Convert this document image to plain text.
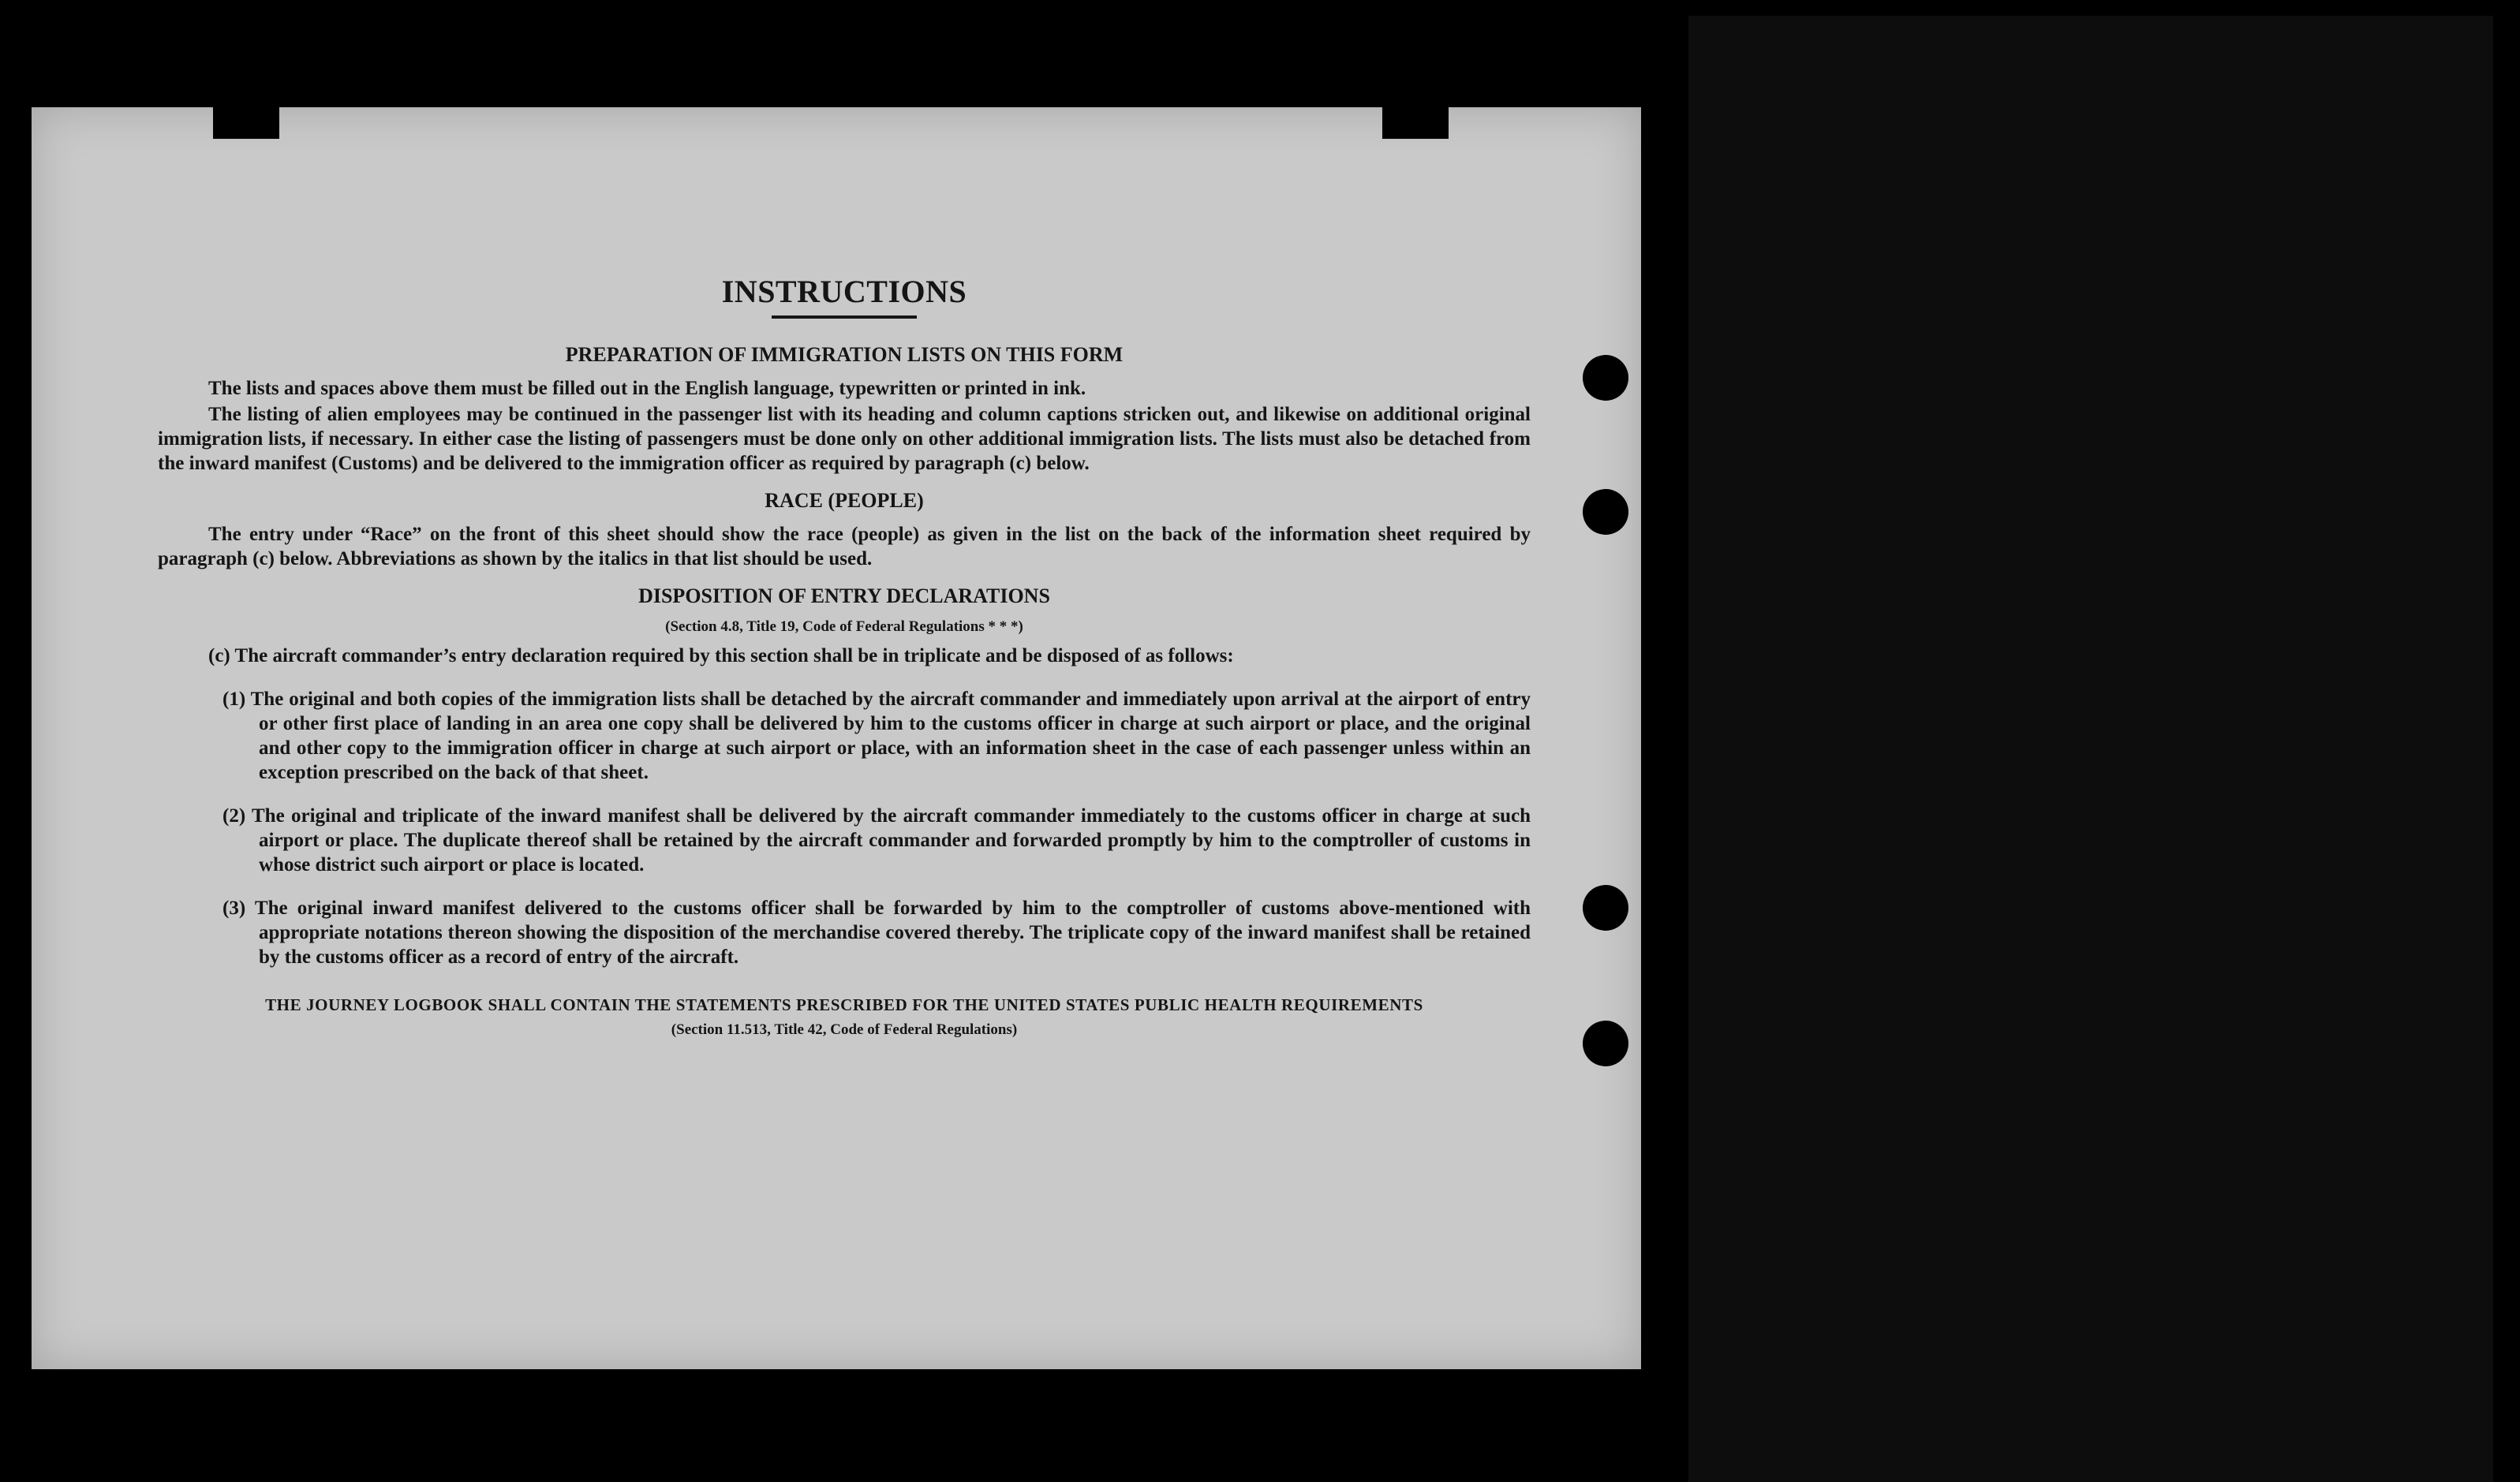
INSTRUCTIONS
PREPARATION OF IMMIGRATION LISTS ON THIS FORM

The lists and spaces above them must be filled out in the English language, typewritten or printed in ink.

The listing of alien employees may be continued in the passenger list with its heading and column captions stricken out, and likewise on additional original immigration lists, if necessary. In either case the listing of passengers must be done only on other additional immigration lists. The lists must also be detached from the inward manifest (Customs) and be delivered to the immigration officer as required by paragraph (c) below.

RACE (PEOPLE)

The entry under “Race” on the front of this sheet should show the race (people) as given in the list on the back of the information sheet required by paragraph (c) below. Abbreviations as shown by the italics in that list should be used.

DISPOSITION OF ENTRY DECLARATIONS
(Section 4.8, Title 19, Code of Federal Regulations * * *)

(c) The aircraft commander’s entry declaration required by this section shall be in triplicate and be disposed of as follows:

(1) The original and both copies of the immigration lists shall be detached by the aircraft commander and immediately upon arrival at the airport of entry or other first place of landing in an area one copy shall be delivered by him to the customs officer in charge at such airport or place, and the original and other copy to the immigration officer in charge at such airport or place, with an information sheet in the case of each passenger unless within an exception prescribed on the back of that sheet.

(2) The original and triplicate of the inward manifest shall be delivered by the aircraft commander immediately to the customs officer in charge at such airport or place. The duplicate thereof shall be retained by the aircraft commander and forwarded promptly by him to the comptroller of customs in whose district such airport or place is located.

(3) The original inward manifest delivered to the customs officer shall be forwarded by him to the comptroller of customs above-mentioned with appropriate notations thereon showing the disposition of the merchandise covered thereby. The triplicate copy of the inward manifest shall be retained by the customs officer as a record of entry of the aircraft.

THE JOURNEY LOGBOOK SHALL CONTAIN THE STATEMENTS PRESCRIBED FOR THE UNITED STATES PUBLIC HEALTH REQUIREMENTS
(Section 11.513, Title 42, Code of Federal Regulations)
